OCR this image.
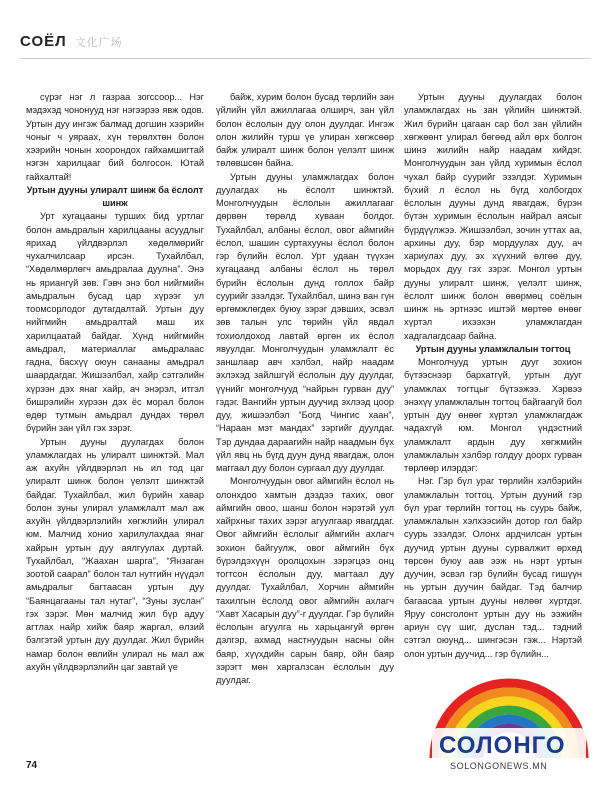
СОЁЛ 文化广场

сүрэг нэг л газраа зогссоор... Нэг мэдэхэд чононууд нэг нэгээрээ явж одов. Уртын дуу ингэж балмад догшин хээрийн чоныг ч уяраах, хүн төрөлхтөн болон хээрийн чонын хоорондох гайхамшигтай нэгэн харилцааг бий болгосон. Ютай гайхалтай!

Уртын дууны улиралт шинж ба ёслолт шинж

Урт хугацааны турших бид уртлаг болон амьдралын харилцааны асуудлыг ярихад үйлдвэрлэл хөдөлмөрийг чухалчилсаар ирсэн. Тухайлбал, “Хөдөлмөрлөгч амьдралаа дуулна”. Энэ нь яриангүй зөв. Гэвч энэ бол нийгмийн амьдралын бусад цар хүрээг ул тоомсорлодог дутагдалтай. Уртын дуу нийгмийн амьдралтай маш их харилцаатай байдаг. Хүнд нийгмийн амьдрал, материаллаг амьдралаас гадна, басхүү оюун санааны амьдрал шаардагдаг. Жишээлбэл, хайр сэтгэлийн хүрээн дэх янаг хайр, ач энэрэл, итгэл бишрэлийн хүрээн дэх ёс морал болон өдөр тутмын амьдрал дундах төрөл бүрийн зан үйл гэх зэрэг.

Уртын дууны дуулагдах болон уламжлагдах нь улиралт шинжтэй. Мал аж ахуйн үйлдвэрлэл нь ил тод цаг улиралт шинж болон үелэлт шинжтэй байдаг. Тухайлбал, жил бүрийн хавар болон зуны улирал уламжлалт мал аж ахуйн үйлдвэрлэлийн хөгжлийн улирал юм. Малчид хонио харилулахдаа янаг хайрын уртын дуу аялгуулах дуртай. Тухайлбал, “Жаахан шарга”, “Янзаган зоотой саарал” болон тал нутгийн нүүдэл амьдралыг багтаасан уртын дуу “Баянцагааны тал нутаг”, “Зуны зуслан” гэх зэрэг. Мөн малчид жил бүр адуу агтлах найр хийж баяр жаргал, өлзий бэлгэтэй уртын дуу дуулдаг. Жил бүрийн намар болон өвлийн улирал нь мал аж ахуйн үйлдвэрлэлийн цаг завтай үе

байж, хурим болон бусад төрлийн зан үйлийн үйл ажиллагаа олширч, зан үйл болон ёслолын дуу олон дуулдаг. Ингэж олон жилийн турш үе улиран хөгжсөөр байж улиралт шинж болон үелэлт шинж төлөвшсөн байна.

Уртын дууны уламжлагдах болон дуулагдах нь ёслолт шинжтэй. Монголчуудын ёслолын ажиллагааг дөрвөн төрөлд хуваан болдог. Тухайлбал, албаны ёслол, овог аймгийн ёслол, шашин суртахууны ёслол болон гэр бүлийн ёслол. Урт удаан түүхэн хугацаанд албаны ёслол нь төрөл бүрийн ёслолын дунд голлох байр суурийг эзэлдэг. Тухайлбал, шинэ ван гүн өргөмжлөгдөх буюу зэрэг дэвших, эсвэл зөв талын улс төрийн үйл явдал тохиолдоход лавтай өргөн их ёслол явуулдаг. Монголчуудын уламжлалт ёс заншлаар авч хэлбэл, найр наадам эхлэхэд зайлшгүй ёслолын дуу дуулдаг, үүнийг монголчууд “найрын гурван дуу” гэдэг. Вангийн уртын дуучид эхлээд цоор дуу, жишээлбэл “Богд Чингис хаан”, “Нараан мэт мандах” зэргийг дуулдаг. Тэр дундаа дараагийн найр наадмын бүх үйл явц нь бүгд дуун дунд явагдаж, олон маггаал дуу болон сургаал дуу дуулдаг.

Монголчуудын овог аймгийн ёслол нь олонхдоо хамтын дэздээ тахих, овог аймгийн овоо, шанш болон нэрэтэй уул хайрхныг тахих зэрэг агуулгаар явагддаг. Овог аймгийн ёслолыг аймгийн ахлагч зохион байгуулж, овог аймгийн бүх бүрэлдэхүүн оролцохын зэрэгцээ онц тогтсон ёслолын дуу, магтаал дуу дуулдаг. Тухайлбал, Хорчин аймгийн тахилгын ёслолд овог аймгийн ахлагч “Хавт Хасарын дуу”-г дуулдаг. Гэр бүлийн ёслолын агуулга нь харьцангуй өргөн дэлгэр, ахмад настнуудын насны ойн баяр, хүүхдийн сарын баяр, ойн баяр зэрэгт мөн харгалзсан ёслолын дуу дуулдаг.

Уртын дууны дуулагдах болон уламжлагдах нь зан үйлийн шинжтэй. Жил бүрийн цагаан сар бол зан үйлийн хөгжөөнт улирал бөгөөд айл өрх болгон шинэ жилийн найр наадам хийдэг. Монголчуудын зан үйлд хуримын ёслол чухал байр суурийг эзэлдэг. Хуримын бүхий л ёслол нь бүгд холбогдох ёслолын дууны дунд явагдаж, бүрэн бүтэн хуримын ёслолын найрал аясыг бүрдүүлжээ. Жишээлбэл, зочин уттах аа, архины дуу, бэр мордуулах дуу, ач хариулах дуу, эх хүүхний өлгөө дуу, морьдох дуу гэх зэрэг. Монгол уртын дууны улиралт шинж, үелэлт шинж, ёслолт шинж болон өвөрмөц соёлын шинж нь эртнээс иштэй мөртөө өнөөг хүртэл ихээхэн уламжлагдан хадгалагдсаар байна.

Уртын дууны уламжлалын тогтоц

Монголчууд уртын дууг зохион бүтээснээр бархатгүй, уртын дууг уламжлах тогтцыг бүтээжээ. Хэрвээ энэхүү уламжлалын тогтоц байгаагүй бол уртын дуу өнөөг хүртэл уламжлагдаж чадахгүй юм. Монгол үндэстний уламжлалт ардын дуу хөгжмийн уламжлалын хэлбэр голдуу доорх гурван төрлөөр илэрдэг:

Нэг. Гэр бүл ураг төрлийн хэлбэрийн уламжлалын тогтоц. Уртын дууний гэр бүл ураг төрлийн тогтоц нь суурь байж, уламжлалын хэлхээсийн дотор гол байр суурь эзэлдэг. Олонх ардчилсан уртын дуучид уртын дууны сурвалжит өрхөд төрсөн буюу аав ээж нь нэрт уртын дуучин, эсвэл гэр бүлийн бусад гишүүн нь уртын дуучин байдаг. Тэд балчир багаасаа уртын дууны нөлөөг хүртдэг. Яруу сонсголонт уртын дуу нь ээжийн ариун сүү шиг, дуслан тэд... тэдний сэтгэл оюунд... шингэсэн гэж... Нэртэй олон уртын дуучид... гэр бүлийн...

74
СОЛОНГО
SOLONGONEWS.MN
